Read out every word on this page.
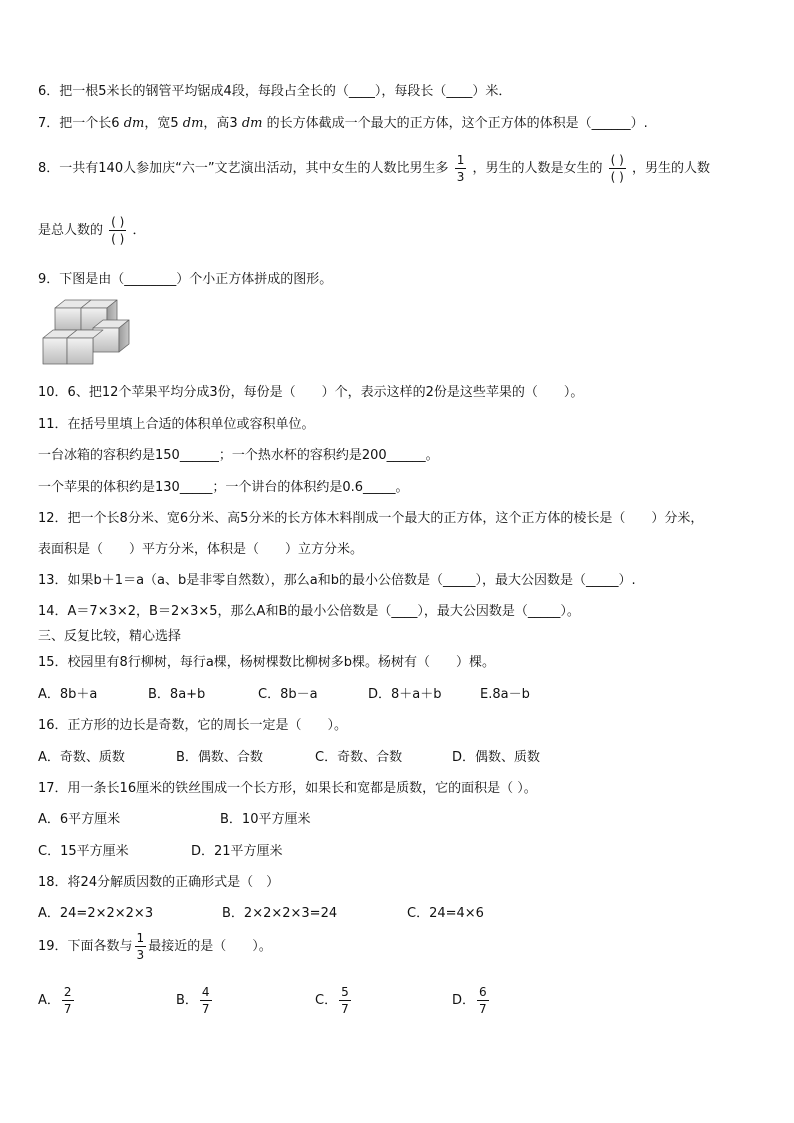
6．把一根5米长的钢管平均锯成4段，每段占全长的（____），每段长（____）米．
7．把一个长6 dm，宽5 dm，高3 dm 的长方体截成一个最大的正方体，这个正方体的体积是（______）.
8．一共有140人参加庆“六一”文艺演出活动，其中女生的人数比男生多 $\frac{1}{3}$ ，男生的人数是女生的 $\frac{( )}{( )}$ ，男生的人数
是总人数的 $\frac{( )}{( )}$ ．
9．下图是由（________）个小正方体拼成的图形。
10．6、把12个苹果平均分成3份，每份是（　　）个，表示这样的2份是这些苹果的（　　）。
11．在括号里填上合适的体积单位或容积单位。
一台冰箱的容积约是150______；一个热水杯的容积约是200______。
一个苹果的体积约是130_____；一个讲台的体积约是0.6_____。
12．把一个长8分米、宽6分米、高5分米的长方体木料削成一个最大的正方体，这个正方体的棱长是（　　）分米，
表面积是（　　）平方分米，体积是（　　）立方分米。
13．如果b＋1＝a（a、b是非零自然数），那么a和b的最小公倍数是（_____），最大公因数是（_____）.
14．A＝7×3×2，B＝2×3×5，那么A和B的最小公倍数是（____），最大公因数是（_____）。
三、反复比较，精心选择
15．校园里有8行柳树，每行a棵，杨树棵数比柳树多b棵。杨树有（　　）棵。
A．8b＋a	B．8a+b	C．8b－a	D．8＋a＋b	E.8a－b
16．正方形的边长是奇数，它的周长一定是（　　）。
A．奇数、质数	B．偶数、合数	C．奇数、合数	D．偶数、质数
17．用一条长16厘米的铁丝围成一个长方形，如果长和宽都是质数，它的面积是（ ）。
A．6平方厘米	B．10平方厘米
C．15平方厘米	D．21平方厘米
18．将24分解质因数的正确形式是（　）
A．24=2×2×2×3	B．2×2×2×3=24	C．24=4×6
19．下面各数与 $\frac{1}{3}$ 最接近的是（　　）。
A． $\frac{2}{7}$	B． $\frac{4}{7}$	C． $\frac{5}{7}$	D． $\frac{6}{7}$
